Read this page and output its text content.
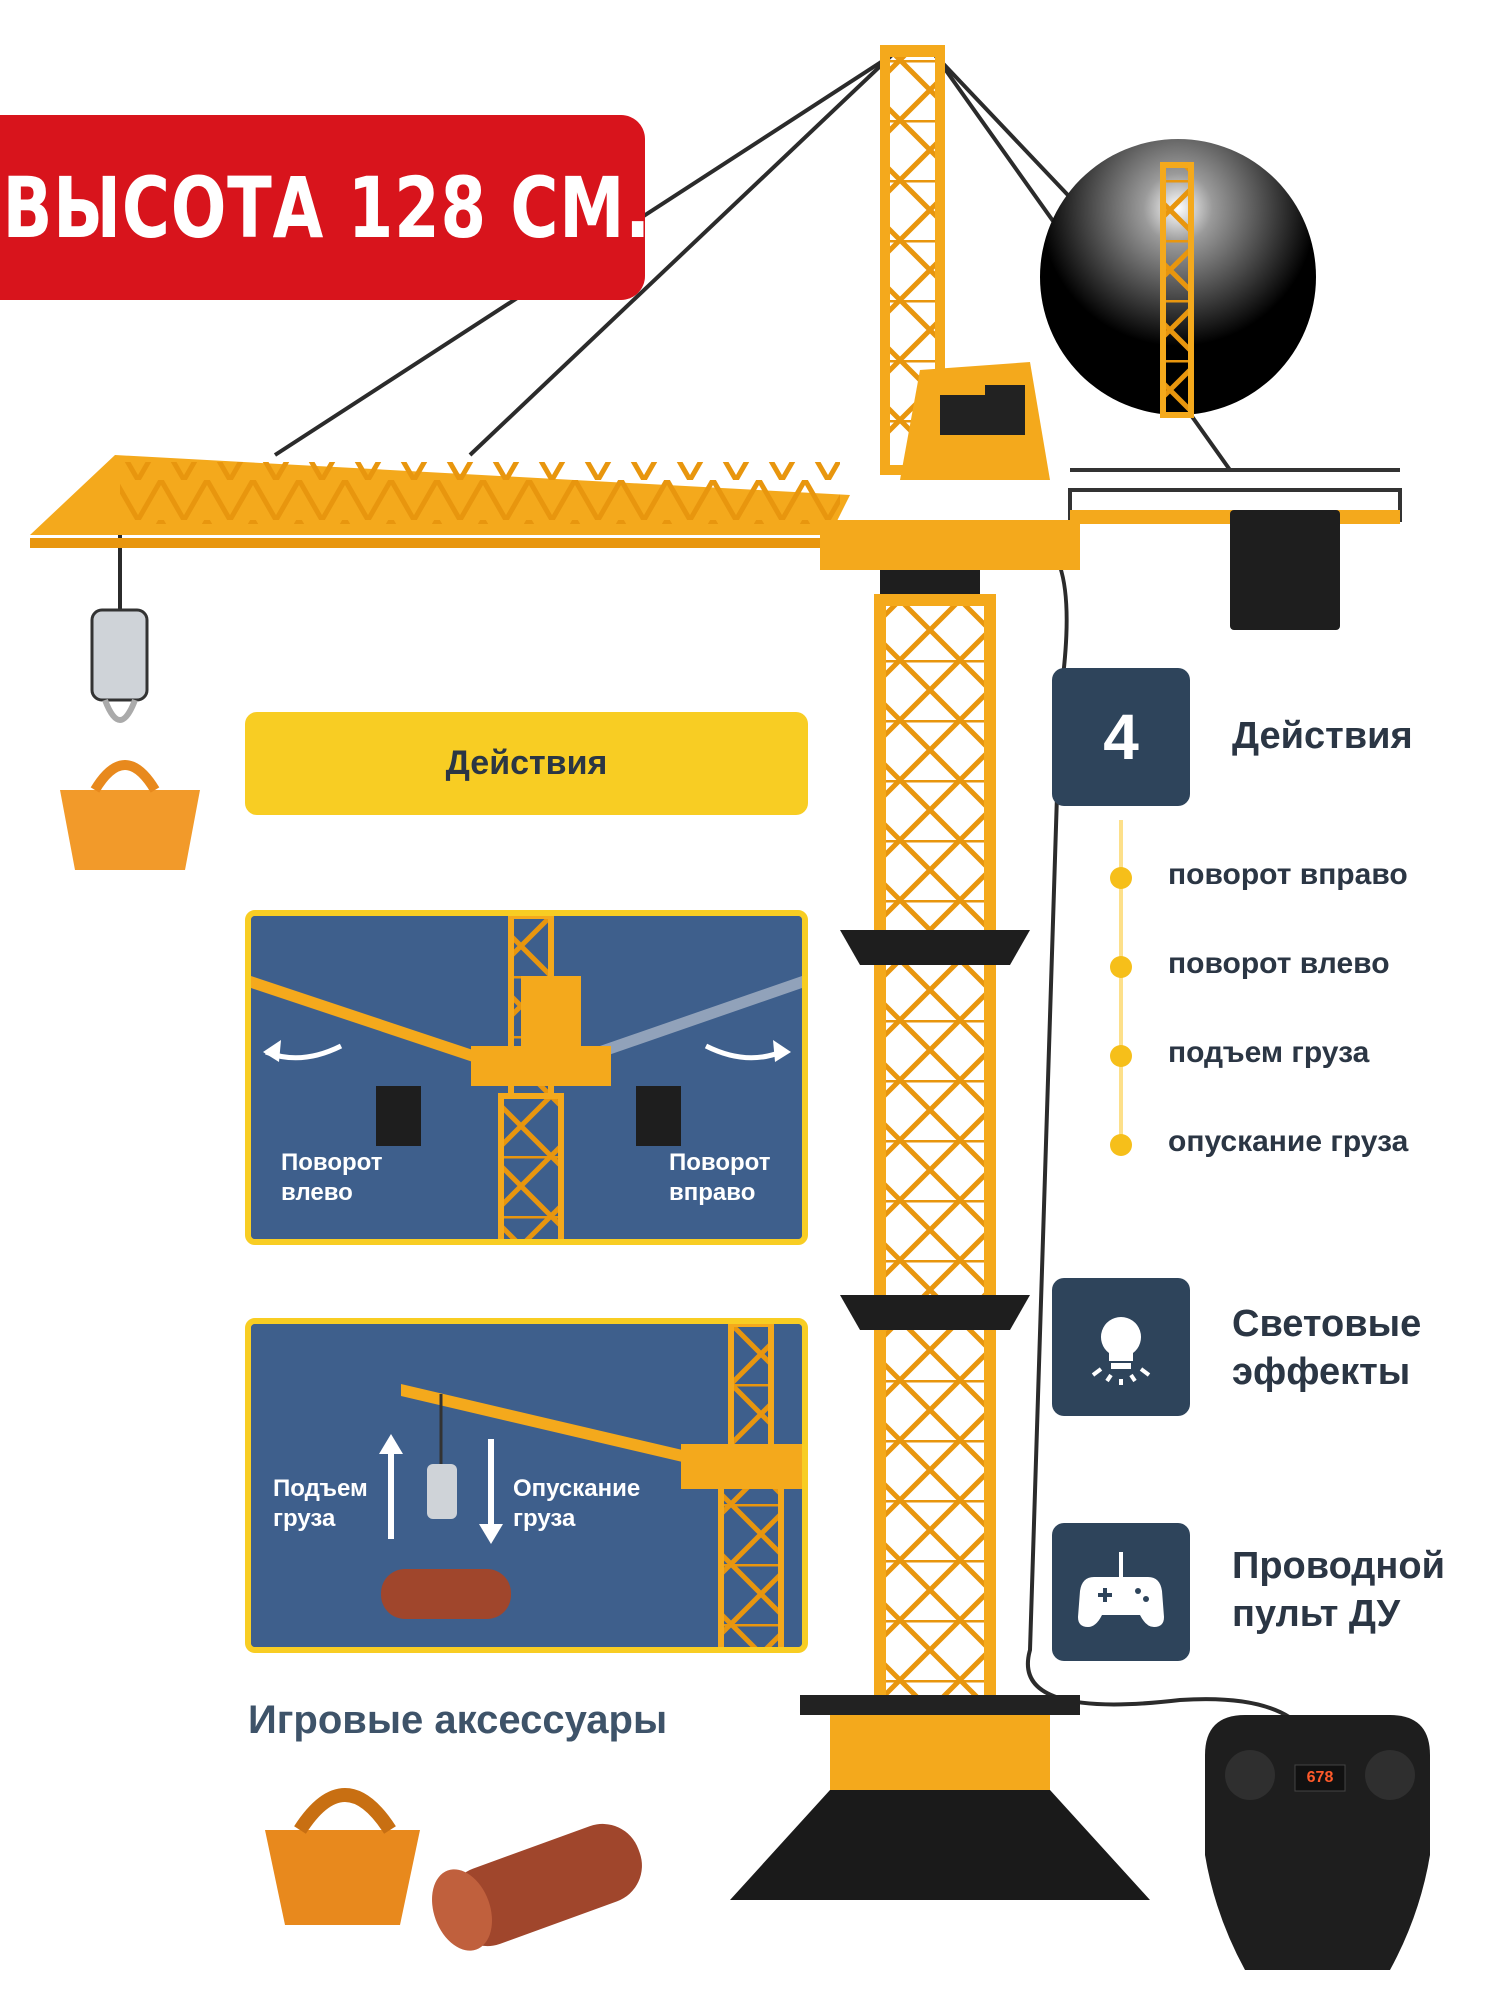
678
ВЫСОТА 128 СМ.
Действия
Поворот
влево
Поворот
вправо
Подъем
груза
Опускание
груза
4 Действия
поворот вправо
поворот влево
подъем груза
опускание груза
Световые
эффекты
Проводной
пульт ДУ
Игровые аксессуары
